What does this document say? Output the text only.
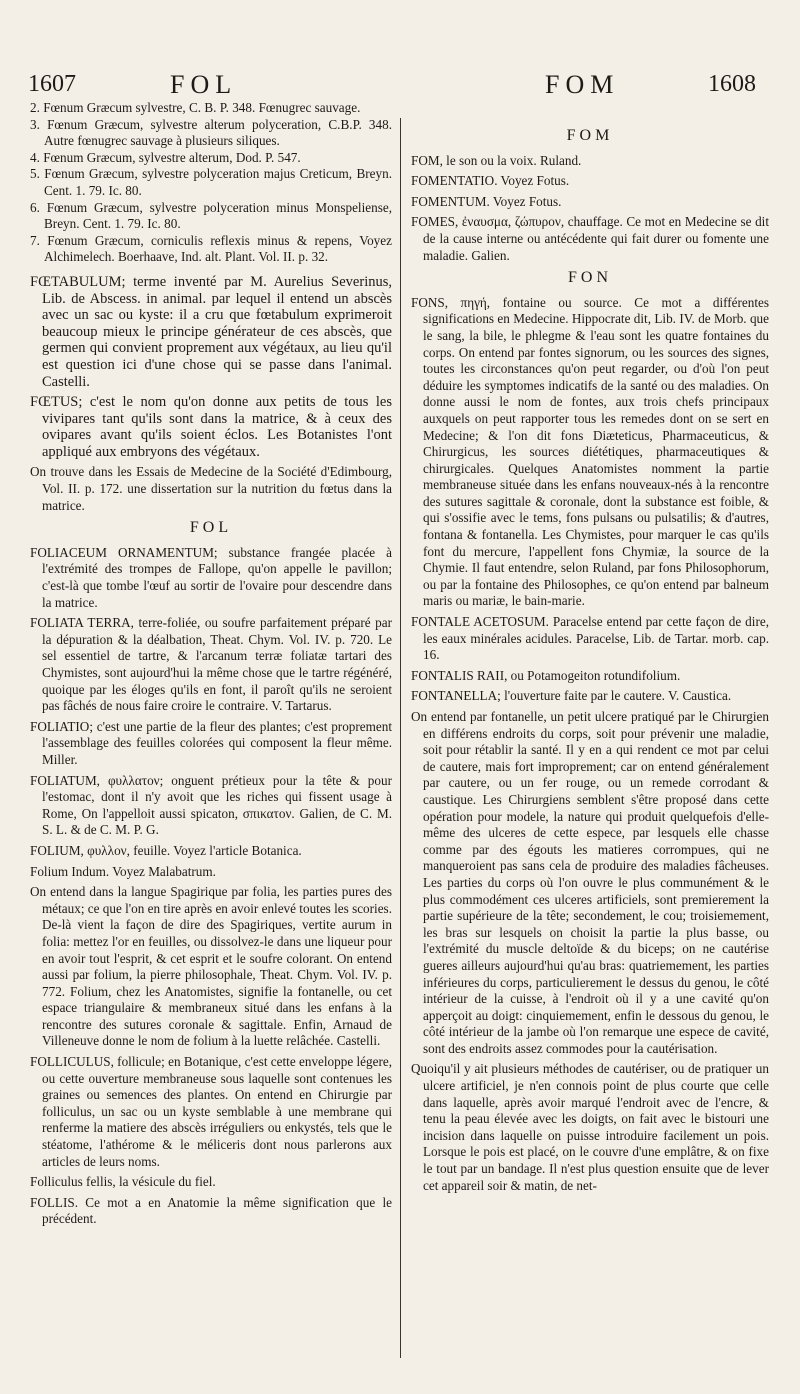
1607	FOL	FOM	1608
2. Fœnum Græcum sylvestre, C. B. P. 348. Fœnugrec sauvage.
3. Fœnum Græcum, sylvestre alterum polyceration, C.B.P. 348. Autre fœnugrec sauvage à plusieurs siliques.
4. Fœnum Græcum, sylvestre alterum, Dod. P. 547.
5. Fœnum Græcum, sylvestre polyceration majus Creticum, Breyn. Cent. 1. 79. Ic. 80.
6. Fœnum Græcum, sylvestre polyceration minus Monspeliense, Breyn. Cent. 1. 79. Ic. 80.
7. Fœnum Græcum, corniculis reflexis minus & repens, Voyez Alchimelech. Boerhaave, Ind. alt. Plant. Vol. II. p. 32.

FŒTABULUM; terme inventé par M. Aurelius Severinus, Lib. de Abscess. in animal. par lequel il entend un abscès avec un sac ou kyste: il a cru que fœtabulum exprimeroit beaucoup mieux le principe générateur de ces abscès, que germen qui convient proprement aux végétaux, au lieu qu'il est question ici d'une chose qui se passe dans l'animal. Castelli.

FŒTUS; c'est le nom qu'on donne aux petits de tous les vivipares tant qu'ils sont dans la matrice, & à ceux des ovipares avant qu'ils soient éclos. Les Botanistes l'ont appliqué aux embryons des végétaux.

On trouve dans les Essais de Medecine de la Société d'Edimbourg, Vol. II. p. 172. une dissertation sur la nutrition du fœtus dans la matrice.

FOL

FOLIACEUM ORNAMENTUM; substance frangée placée à l'extrémité des trompes de Fallope, qu'on appelle le pavillon; c'est-là que tombe l'œuf au sortir de l'ovaire pour descendre dans la matrice.

FOLIATA TERRA, terre-foliée, ou soufre parfaitement préparé par la dépuration & la déalbation, Theat. Chym. Vol. IV. p. 720. Le sel essentiel de tartre, & l'arcanum terræ foliatæ tartari des Chymistes, sont aujourd'hui la même chose que le tartre régénéré, quoique par les éloges qu'ils en font, il paroît qu'ils ne seroient pas fâchés de nous faire croire le contraire. V. Tartarus.

FOLIATIO; c'est une partie de la fleur des plantes; c'est proprement l'assemblage des feuilles colorées qui composent la fleur même. Miller.

FOLIATUM, φυλλατον; onguent prétieux pour la tête & pour l'estomac, dont il n'y avoit que les riches qui fissent usage à Rome, On l'appelloit aussi spicaton, σπικατον. Galien, de C. M. S. L. & de C. M. P. G.

FOLIUM, φυλλον, feuille. Voyez l'article Botanica.

Folium Indum. Voyez Malabatrum.

On entend dans la langue Spagirique par folia, les parties pures des métaux; ce que l'on en tire après en avoir enlevé toutes les scories. De-là vient la façon de dire des Spagiriques, vertite aurum in folia: mettez l'or en feuilles, ou dissolvez-le dans une liqueur pour en avoir tout l'esprit, & cet esprit et le soufre colorant. On entend aussi par folium, la pierre philosophale, Theat. Chym. Vol. IV. p. 772. Folium, chez les Anatomistes, signifie la fontanelle, ou cet espace triangulaire & membraneux situé dans les enfans à la rencontre des sutures coronale & sagittale. Enfin, Arnaud de Villeneuve donne le nom de folium à la luette relâchée. Castelli.

FOLLICULUS, follicule; en Botanique, c'est cette enveloppe légere, ou cette ouverture membraneuse sous laquelle sont contenues les graines ou semences des plantes. On entend en Chirurgie par folliculus, un sac ou un kyste semblable à une membrane qui renferme la matiere des abscès irréguliers ou enkystés, tels que le stéatome, l'athérome & le méliceris dont nous parlerons aux articles de leurs noms.

Folliculus fellis, la vésicule du fiel.

FOLLIS. Ce mot a en Anatomie la même signification que le précédent.

FOM

FOM, le son ou la voix. Ruland.

FOMENTATIO. Voyez Fotus.

FOMENTUM. Voyez Fotus.

FOMES, ἐναυσμα, ζώπυρον, chauffage. Ce mot en Medecine se dit de la cause interne ou antécédente qui fait durer ou fomente une maladie. Galien.

FON

FONS, πηγή, fontaine ou source. Ce mot a différentes significations en Medecine. Hippocrate dit, Lib. IV. de Morb. que le sang, la bile, le phlegme & l'eau sont les quatre fontaines du corps. On entend par fontes signorum, ou les sources des signes, toutes les circonstances qu'on peut regarder, ou d'où l'on peut déduire les symptomes indicatifs de la santé ou des maladies. On donne aussi le nom de fontes, aux trois chefs principaux auxquels on peut rapporter tous les remedes dont on se sert en Medecine; & l'on dit fons Diæteticus, Pharmaceuticus, & Chirurgicus, les sources diététiques, pharmaceutiques & chirurgicales. Quelques Anatomistes nomment la partie membraneuse située dans les enfans nouveaux-nés à la rencontre des sutures sagittale & coronale, dont la substance est foible, & qui s'ossifie avec le tems, fons pulsans ou pulsatilis; & d'autres, fontana & fontanella. Les Chymistes, pour marquer le cas qu'ils font du mercure, l'appellent fons Chymiæ, la source de la Chymie. Il faut entendre, selon Ruland, par fons Philosophorum, ou par la fontaine des Philosophes, ce qu'on entend par balneum maris ou mariæ, le bain-marie.

FONTALE ACETOSUM. Paracelse entend par cette façon de dire, les eaux minérales acidules. Paracelse, Lib. de Tartar. morb. cap. 16.

FONTALIS RAII, ou Potamogeiton rotundifolium.

FONTANELLA; l'ouverture faite par le cautere. V. Caustica.

On entend par fontanelle, un petit ulcere pratiqué par le Chirurgien en différens endroits du corps, soit pour prévenir une maladie, soit pour rétablir la santé. Il y en a qui rendent ce mot par celui de cautere, mais fort improprement; car on entend généralement par cautere, ou un fer rouge, ou un remede corrodant & caustique. Les Chirurgiens semblent s'être proposé dans cette opération pour modele, la nature qui produit quelquefois d'elle-même des ulceres de cette espece, par lesquels elle chasse comme par des égouts les matieres corrompues, qui ne manqueroient pas sans cela de produire des maladies fâcheuses. Les parties du corps où l'on ouvre le plus communément & le plus commodément ces ulceres artificiels, sont premierement la partie supérieure de la tête; secondement, le cou; troisiemement, les bras sur lesquels on choisit la partie la plus basse, ou l'extrémité du muscle deltoïde & du biceps; on ne cautérise gueres ailleurs aujourd'hui qu'au bras: quatriemement, les parties inférieures du corps, particulierement le dessus du genou, le côté intérieur de la cuisse, à l'endroit où il y a une cavité qu'on apperçoit au doigt: cinquiemement, enfin le dessous du genou, le côté intérieur de la jambe où l'on remarque une espece de cavité, sont des endroits assez commodes pour la cautérisation.

Quoiqu'il y ait plusieurs méthodes de cautériser, ou de pratiquer un ulcere artificiel, je n'en connois point de plus courte que celle dans laquelle, après avoir marqué l'endroit avec de l'encre, & tenu la peau élevée avec les doigts, on fait avec le bistouri une incision dans laquelle on puisse introduire facilement un pois. Lorsque le pois est placé, on le couvre d'une emplâtre, & on fixe le tout par un bandage. Il n'est plus question ensuite que de lever cet appareil soir & matin, de net-
